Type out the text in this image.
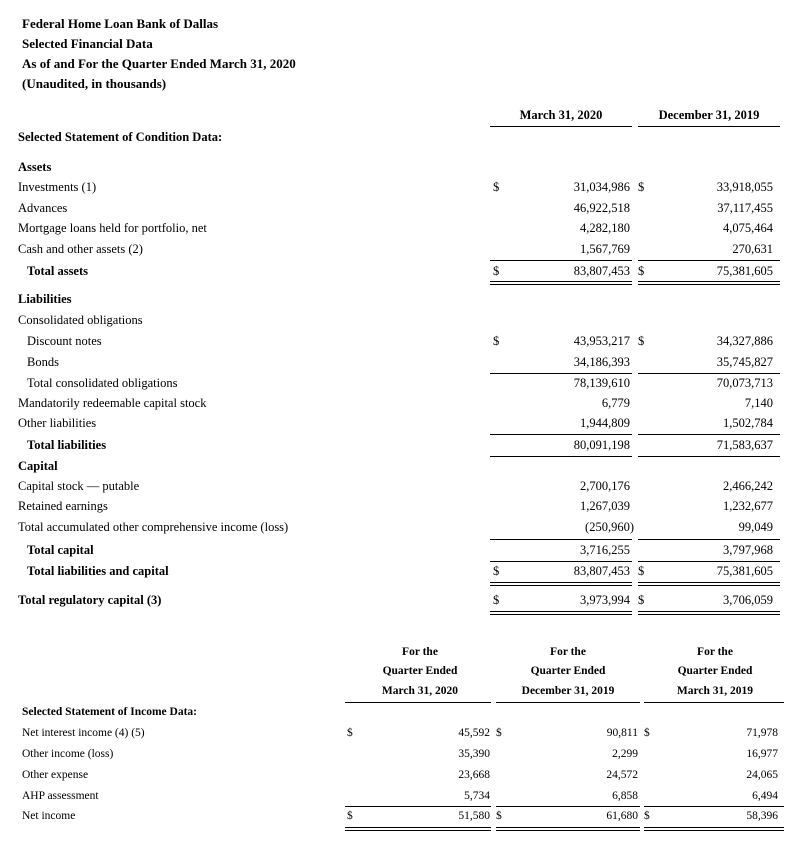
Federal Home Loan Bank of Dallas
Selected Financial Data
As of and For the Quarter Ended March 31, 2020
(Unaudited, in thousands)
March 31, 2020	December 31, 2019
Selected Statement of Condition Data:
Assets
Investments (1)	$	31,034,986 $	33,918,055
Advances	46,922,518	37,117,455
Mortgage loans held for portfolio, net	4,282,180	4,075,464
Cash and other assets (2)	1,567,769	270,631
Total assets	$	83,807,453 $	75,381,605
Liabilities
Consolidated obligations
Discount notes	$	43,953,217 $	34,327,886
Bonds	34,186,393	35,745,827
Total consolidated obligations	78,139,610	70,073,713
Mandatorily redeemable capital stock	6,779	7,140
Other liabilities	1,944,809	1,502,784
Total liabilities	80,091,198	71,583,637
Capital
Capital stock — putable	2,700,176	2,466,242
Retained earnings	1,267,039	1,232,677
Total accumulated other comprehensive income (loss)	(250,960)	99,049
Total capital	3,716,255	3,797,968
Total liabilities and capital	$	83,807,453 $	75,381,605
Total regulatory capital (3)	$	3,973,994 $	3,706,059
For the
Quarter Ended
March 31, 2020
For the
Quarter Ended
December 31, 2019
For the
Quarter Ended
March 31, 2019
Selected Statement of Income Data:
Net interest income (4) (5)	$	45,592 $	90,811 $	71,978
Other income (loss)	35,390	2,299	16,977
Other expense	23,668	24,572	24,065
AHP assessment	5,734	6,858	6,494
Net income	$	51,580 $	61,680 $	58,396
